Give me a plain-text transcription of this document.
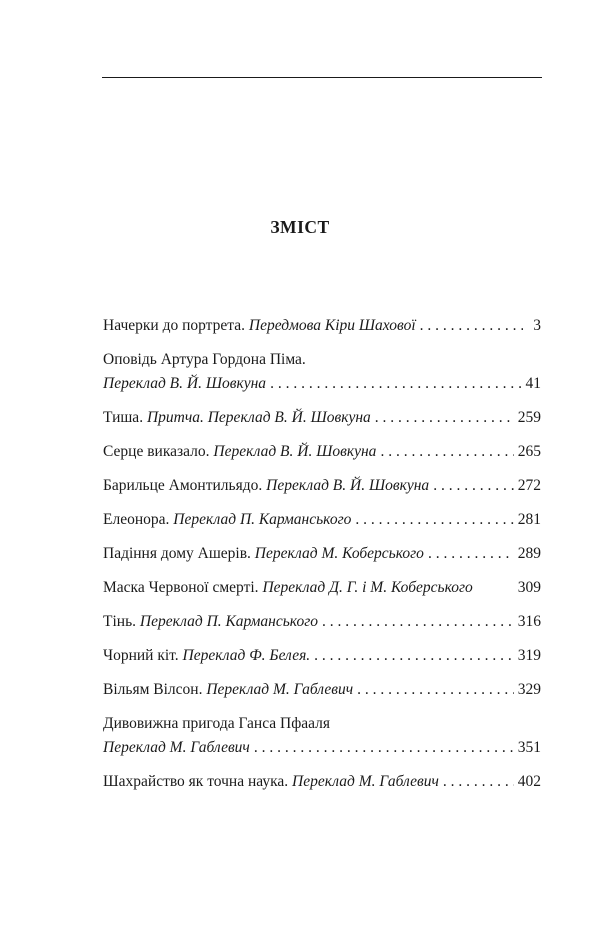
ЗМІСТ
Начерки до портрета.
Передмова Кіри Шахової . . .	3
Оповідь Артура Гордона Піма.
Переклад В. Й. Шовкуна . . .	41
Тиша.
Притча. Переклад В. Й. Шовкуна . . .	259
Серце виказало.
Переклад В. Й. Шовкуна . . .	265
Барильце Амонтильядо.
Переклад В. Й. Шовкуна . . .	272
Елеонора.
Переклад П. Карманського . . .	281
Падіння дому Ашерів.
Переклад М. Коберського . . .	289
Маска Червоної смерті.
Переклад Д. Г. і М. Коберського	309
Тінь.
Переклад П. Карманського . . .	316
Чорний кіт.
Переклад Ф. Белея. . . .	319
Вільям Вілсон.
Переклад М. Габлевич . . .	329
Дивовижна пригода Ганса Пфааля
Переклад М. Габлевич . . .	351
Шахрайство як точна наука.
Переклад М. Габлевич . . .	402
